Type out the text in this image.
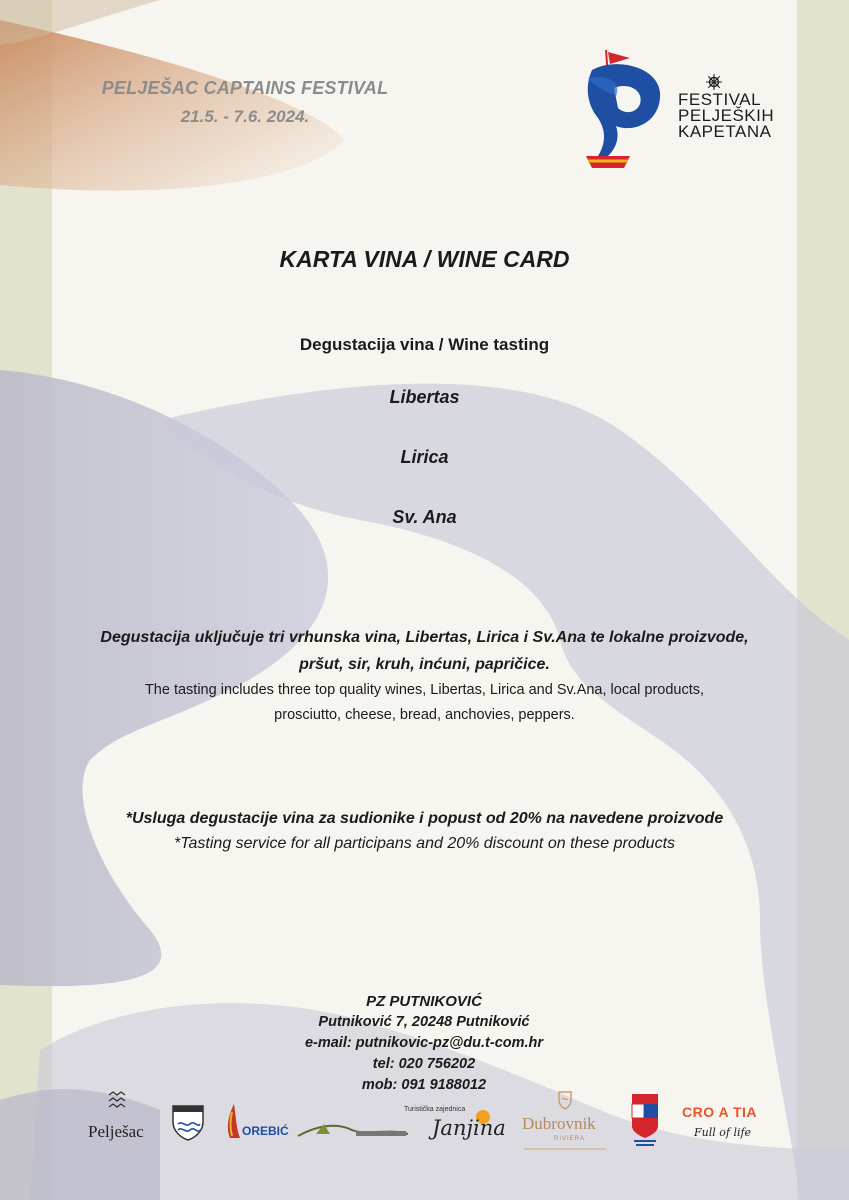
PELJEŠAC CAPTAINS FESTIVAL
21.5. - 7.6. 2024.
FESTIVAL
PELJEŠKIH
KAPETANA
KARTA VINA / WINE CARD
Degustacija vina / Wine tasting
Libertas
Lirica
Sv. Ana
Degustacija uključuje tri vrhunska vina, Libertas, Lirica i Sv.Ana te lokalne proizvode,
pršut, sir, kruh, inćuni, papričice.
The tasting includes three top quality wines, Libertas, Lirica and Sv.Ana, local products,
prosciutto, cheese, bread, anchovies, peppers.
*Usluga degustacije vina za sudionike i popust od 20% na navedene proizvode
*Tasting service for all participans and 20% discount on these products
PZ PUTNIKOVIĆ
Putniković 7, 20248 Putniković
e-mail: putnikovic-pz@du.t-com.hr
tel: 020 756202
mob: 091 9188012
Pelješac	OREBIĆ
Turistička zajednica
Janjina Dubrovnik
RIVIERA
CRO A TIA
Full of life
